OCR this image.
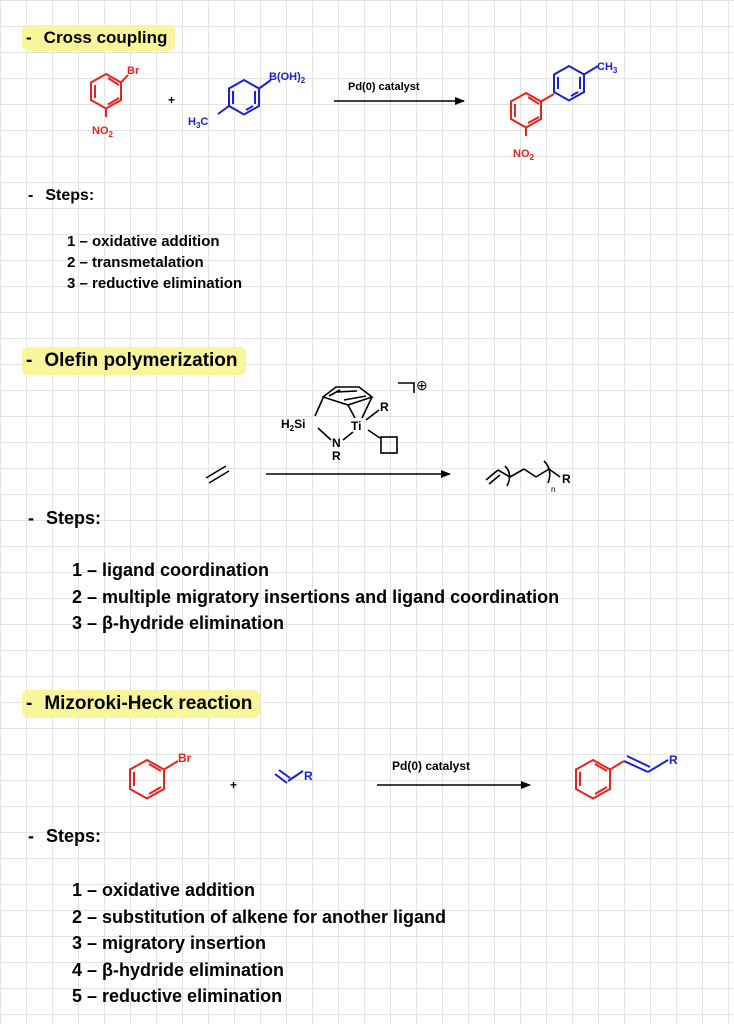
Br
$NO_2$
+
$B(OH)_2$
$H_3C$
Pd(0) catalyst
$CH_3$
$NO_2$
$H_2Si$	Ti
N
R
R
⊕
R
n
Br
+
R
Pd(0) catalyst	R
- Cross coupling
- Steps:
1 – oxidative addition
2 – transmetalation
3 – reductive elimination
- Olefin polymerization
- Steps:
1 – ligand coordination
2 – multiple migratory insertions and ligand coordination
3 – β-hydride elimination
- Mizoroki-Heck reaction
- Steps:
1 – oxidative addition
2 – substitution of alkene for another ligand
3 – migratory insertion
4 – β-hydride elimination
5 – reductive elimination
